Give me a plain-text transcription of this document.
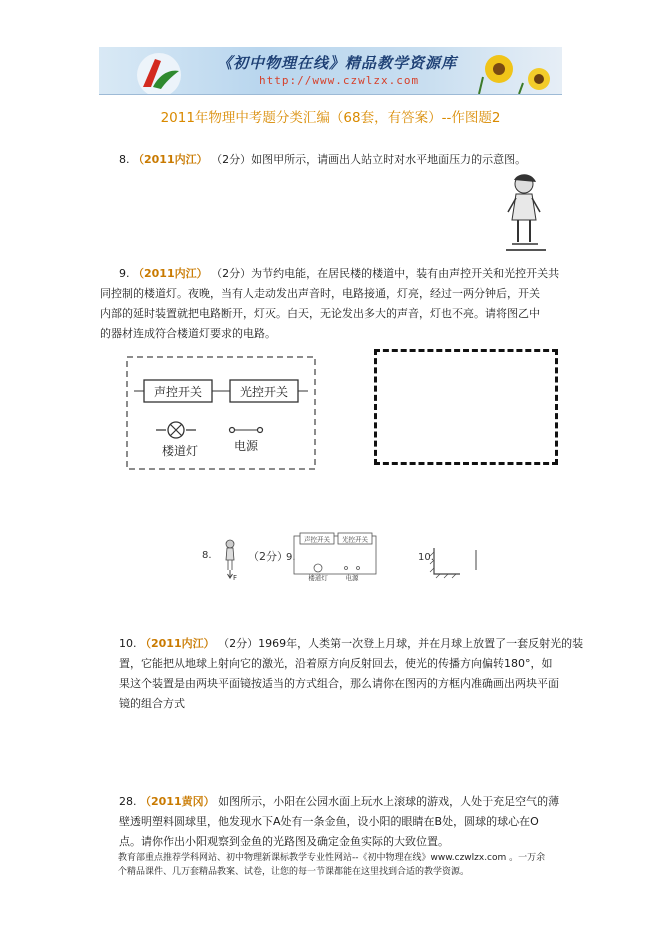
《初中物理在线》精品教学资源库
http://www.czwlzx.com
2011年物理中考题分类汇编（68套，有答案）--作图题2

8. （2011内江） （2分）如图甲所示，请画出人站立时对水平地面压力的示意图。

9. （2011内江） （2分）为节约电能，在居民楼的楼道中，装有由声控开关和光控开关共

同控制的楼道灯。夜晚，当有人走动发出声音时，电路接通，灯亮，经过一两分钟后，开关

内部的延时装置就把电路断开，灯灭。白天，无论发出多大的声音，灯也不亮。请将图乙中

的器材连成符合楼道灯要求的电路。

声控开关	光控开关
楼道灯	电源
8.
F
（2分）
9.
声控开关 光控开关
楼道灯	电源
10.

10. （2011内江） （2分）1969年，人类第一次登上月球，并在月球上放置了一套反射光的装

置，它能把从地球上射向它的激光，沿着原方向反射回去，使光的传播方向偏转180°，如

果这个装置是由两块平面镜按适当的方式组合，那么请你在图丙的方框内准确画出两块平面

镜的组合方式

28. （2011黄冈） 如图所示，小阳在公园水面上玩水上滚球的游戏，人处于充足空气的薄

壁透明塑料圆球里，他发现水下A处有一条金鱼，设小阳的眼睛在B处，圆球的球心在O

点。请你作出小阳观察到金鱼的光路图及确定金鱼实际的大致位置。

教育部重点推荐学科网站、初中物理新课标教学专业性网站--《初中物理在线》www.czwlzx.com 。一万余

个精品课件、几万套精品教案、试卷，让您的每一节课都能在这里找到合适的教学资源。
